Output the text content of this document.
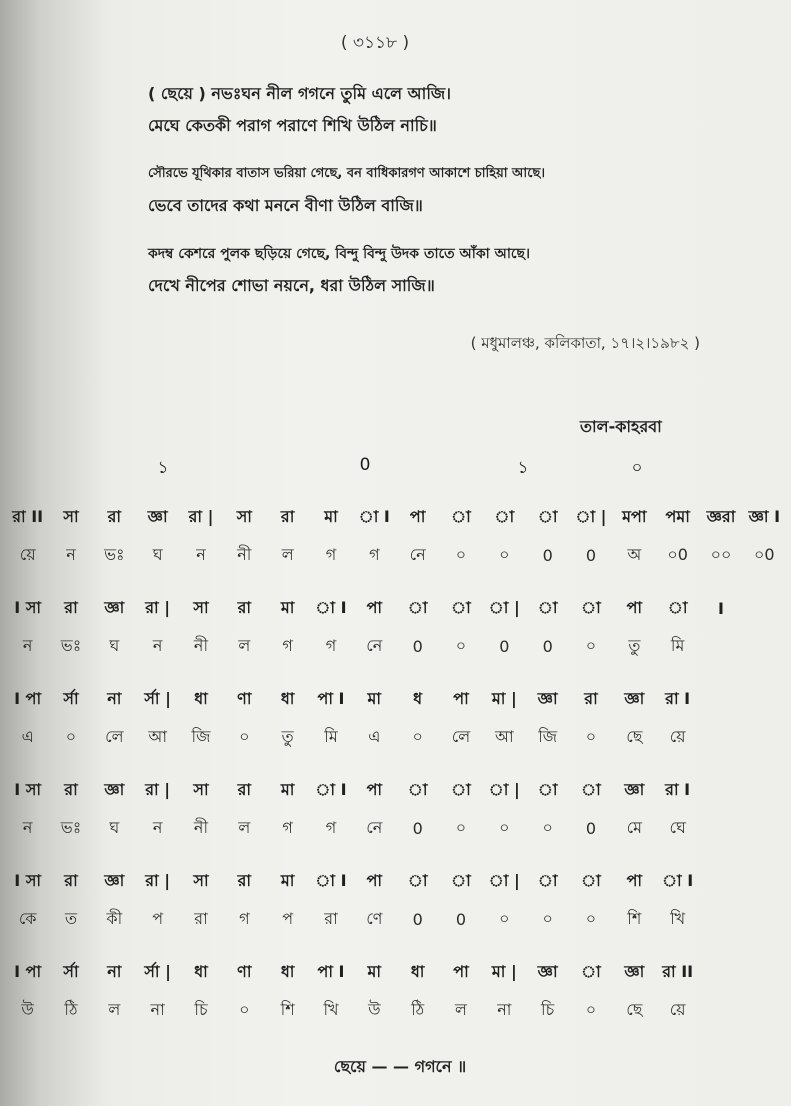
( ৩১১৮ )
( ছেয়ে ) নভঃঘন নীল গগনে তুমি এলে আজি।
মেঘে কেতকী পরাগ পরাণে শিখি উঠিল নাচি॥
সৌরভে যূথিকার বাতাস ভরিয়া গেছে, বন বাধিকারগণ আকাশে চাহিয়া আছে।
ভেবে তাদের কথা মননে বীণা উঠিল বাজি॥
কদম্ব কেশরে পুলক ছড়িয়ে গেছে, বিন্দু বিন্দু উদক তাতে আঁকা আছে।
দেখে নীপের শোভা নয়নে, ধরা উঠিল সাজি॥
( মধুমালঞ্চ, কলিকাতা, ১৭।২।১৯৮২ )
তাল-কাহরবা
১	0	১	০
রা II	সা	রা	জ্ঞা	রা |	সা	রা	মা	া I	পা	া	া	া	া | মপা	পমা	জ্ঞরা জ্ঞা I
য়ে	ন	ভঃ	ঘ	ন	নী	ল	গ	গ	নে	০	০	0	0	অ	০0	০০	০0
I সা	রা	জ্ঞা	রা |	সা	রা	মা	া I	পা	া	া	া |	া	া	পা	া	I
ন	ভঃ	ঘ	ন	নী	ল	গ	গ	নে	0	০	0	0	০	তু	মি
I পা	র্সা	না	র্সা |	ধা	ণা	ধা	পা I	মা	ধ	পা	মা |	জ্ঞা	রা	জ্ঞা	রা I
এ	০	লে	আ	জি	০	তু	মি	এ	০	লে	আ	জি	০	ছে	য়ে
I সা	রা	জ্ঞা	রা |	সা	রা	মা	া I	পা	া	া	া |	া	া	জ্ঞা	রা I
ন	ভঃ	ঘ	ন	নী	ল	গ	গ	নে	0	০	০	০	0	মে	ঘে
I সা	রা	জ্ঞা	রা |	সা	রা	মা	া I	পা	া	া	া |	া	া	পা	া I
কে	ত	কী	প	রা	গ	প	রা	ণে	0	0	০	০	০	শি	খি
I পা	র্সা	না	র্সা |	ধা	ণা	ধা	পা I	মা	ধা	পা	মা |	জ্ঞা	া	জ্ঞা	রা II
উ	ঠি	ল	না	চি	০	শি	খি	উ	ঠি	ল	না	চি	০	ছে	য়ে
ছেয়ে — — গগনে ॥
